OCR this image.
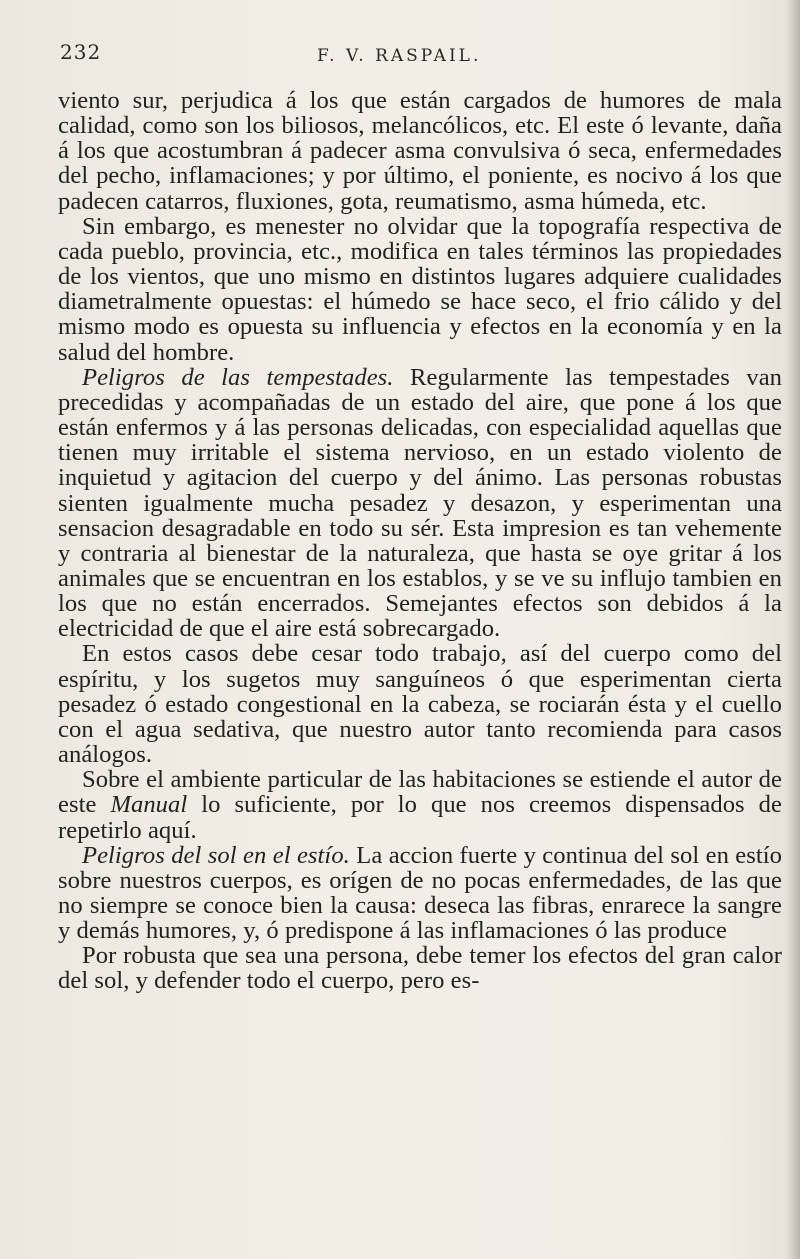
232	F. V. RASPAIL.

viento sur, perjudica á los que están cargados de humores de mala calidad, como son los biliosos, melancólicos, etc. El este ó levante, daña á los que acostumbran á padecer asma convulsiva ó seca, enfermedades del pecho, inflamaciones; y por último, el poniente, es nocivo á los que padecen catarros, fluxiones, gota, reumatismo, asma húmeda, etc.

Sin embargo, es menester no olvidar que la topografía respectiva de cada pueblo, provincia, etc., modifica en tales términos las propiedades de los vientos, que uno mismo en distintos lugares adquiere cualidades diametralmente opuestas: el húmedo se hace seco, el frio cálido y del mismo modo es opuesta su influencia y efectos en la economía y en la salud del hombre.

Peligros de las tempestades. Regularmente las tempestades van precedidas y acompañadas de un estado del aire, que pone á los que están enfermos y á las personas delicadas, con especialidad aquellas que tienen muy irritable el sistema nervioso, en un estado violento de inquietud y agitacion del cuerpo y del ánimo. Las personas robustas sienten igualmente mucha pesadez y desazon, y esperimentan una sensacion desagradable en todo su sér. Esta impresion es tan vehemente y contraria al bienestar de la naturaleza, que hasta se oye gritar á los animales que se encuentran en los establos, y se ve su influjo tambien en los que no están encerrados. Semejantes efectos son debidos á la electricidad de que el aire está sobrecargado.

En estos casos debe cesar todo trabajo, así del cuerpo como del espíritu, y los sugetos muy sanguíneos ó que esperimentan cierta pesadez ó estado congestional en la cabeza, se rociarán ésta y el cuello con el agua sedativa, que nuestro autor tanto recomienda para casos análogos.

Sobre el ambiente particular de las habitaciones se estiende el autor de este Manual lo suficiente, por lo que nos creemos dispensados de repetirlo aquí.

Peligros del sol en el estío. La accion fuerte y continua del sol en estío sobre nuestros cuerpos, es orígen de no pocas enfermedades, de las que no siempre se conoce bien la causa: deseca las fibras, enrarece la sangre y demás humores, y, ó predispone á las inflamaciones ó las produce

Por robusta que sea una persona, debe temer los efectos del gran calor del sol, y defender todo el cuerpo, pero es-
